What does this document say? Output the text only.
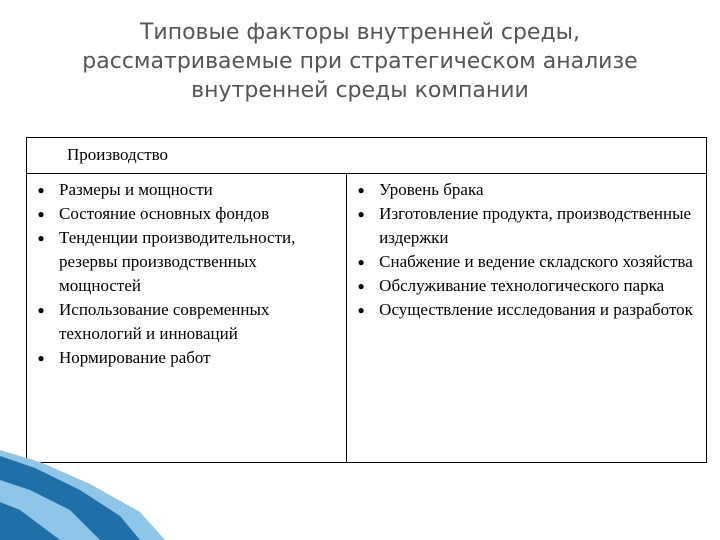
Типовые факторы внутренней среды,
рассматриваемые при стратегическом анализе
внутренней среды компании
Производство

● Размеры и мощности
● Состояние основных фондов
● Тенденции производительности, резервы производственных мощностей
● Использование современных технологий и инноваций
● Нормирование работ

● Уровень брака
● Изготовление продукта, производственные издержки
● Снабжение и ведение складского хозяйства
● Обслуживание технологического парка
● Осуществление исследования и разработок
